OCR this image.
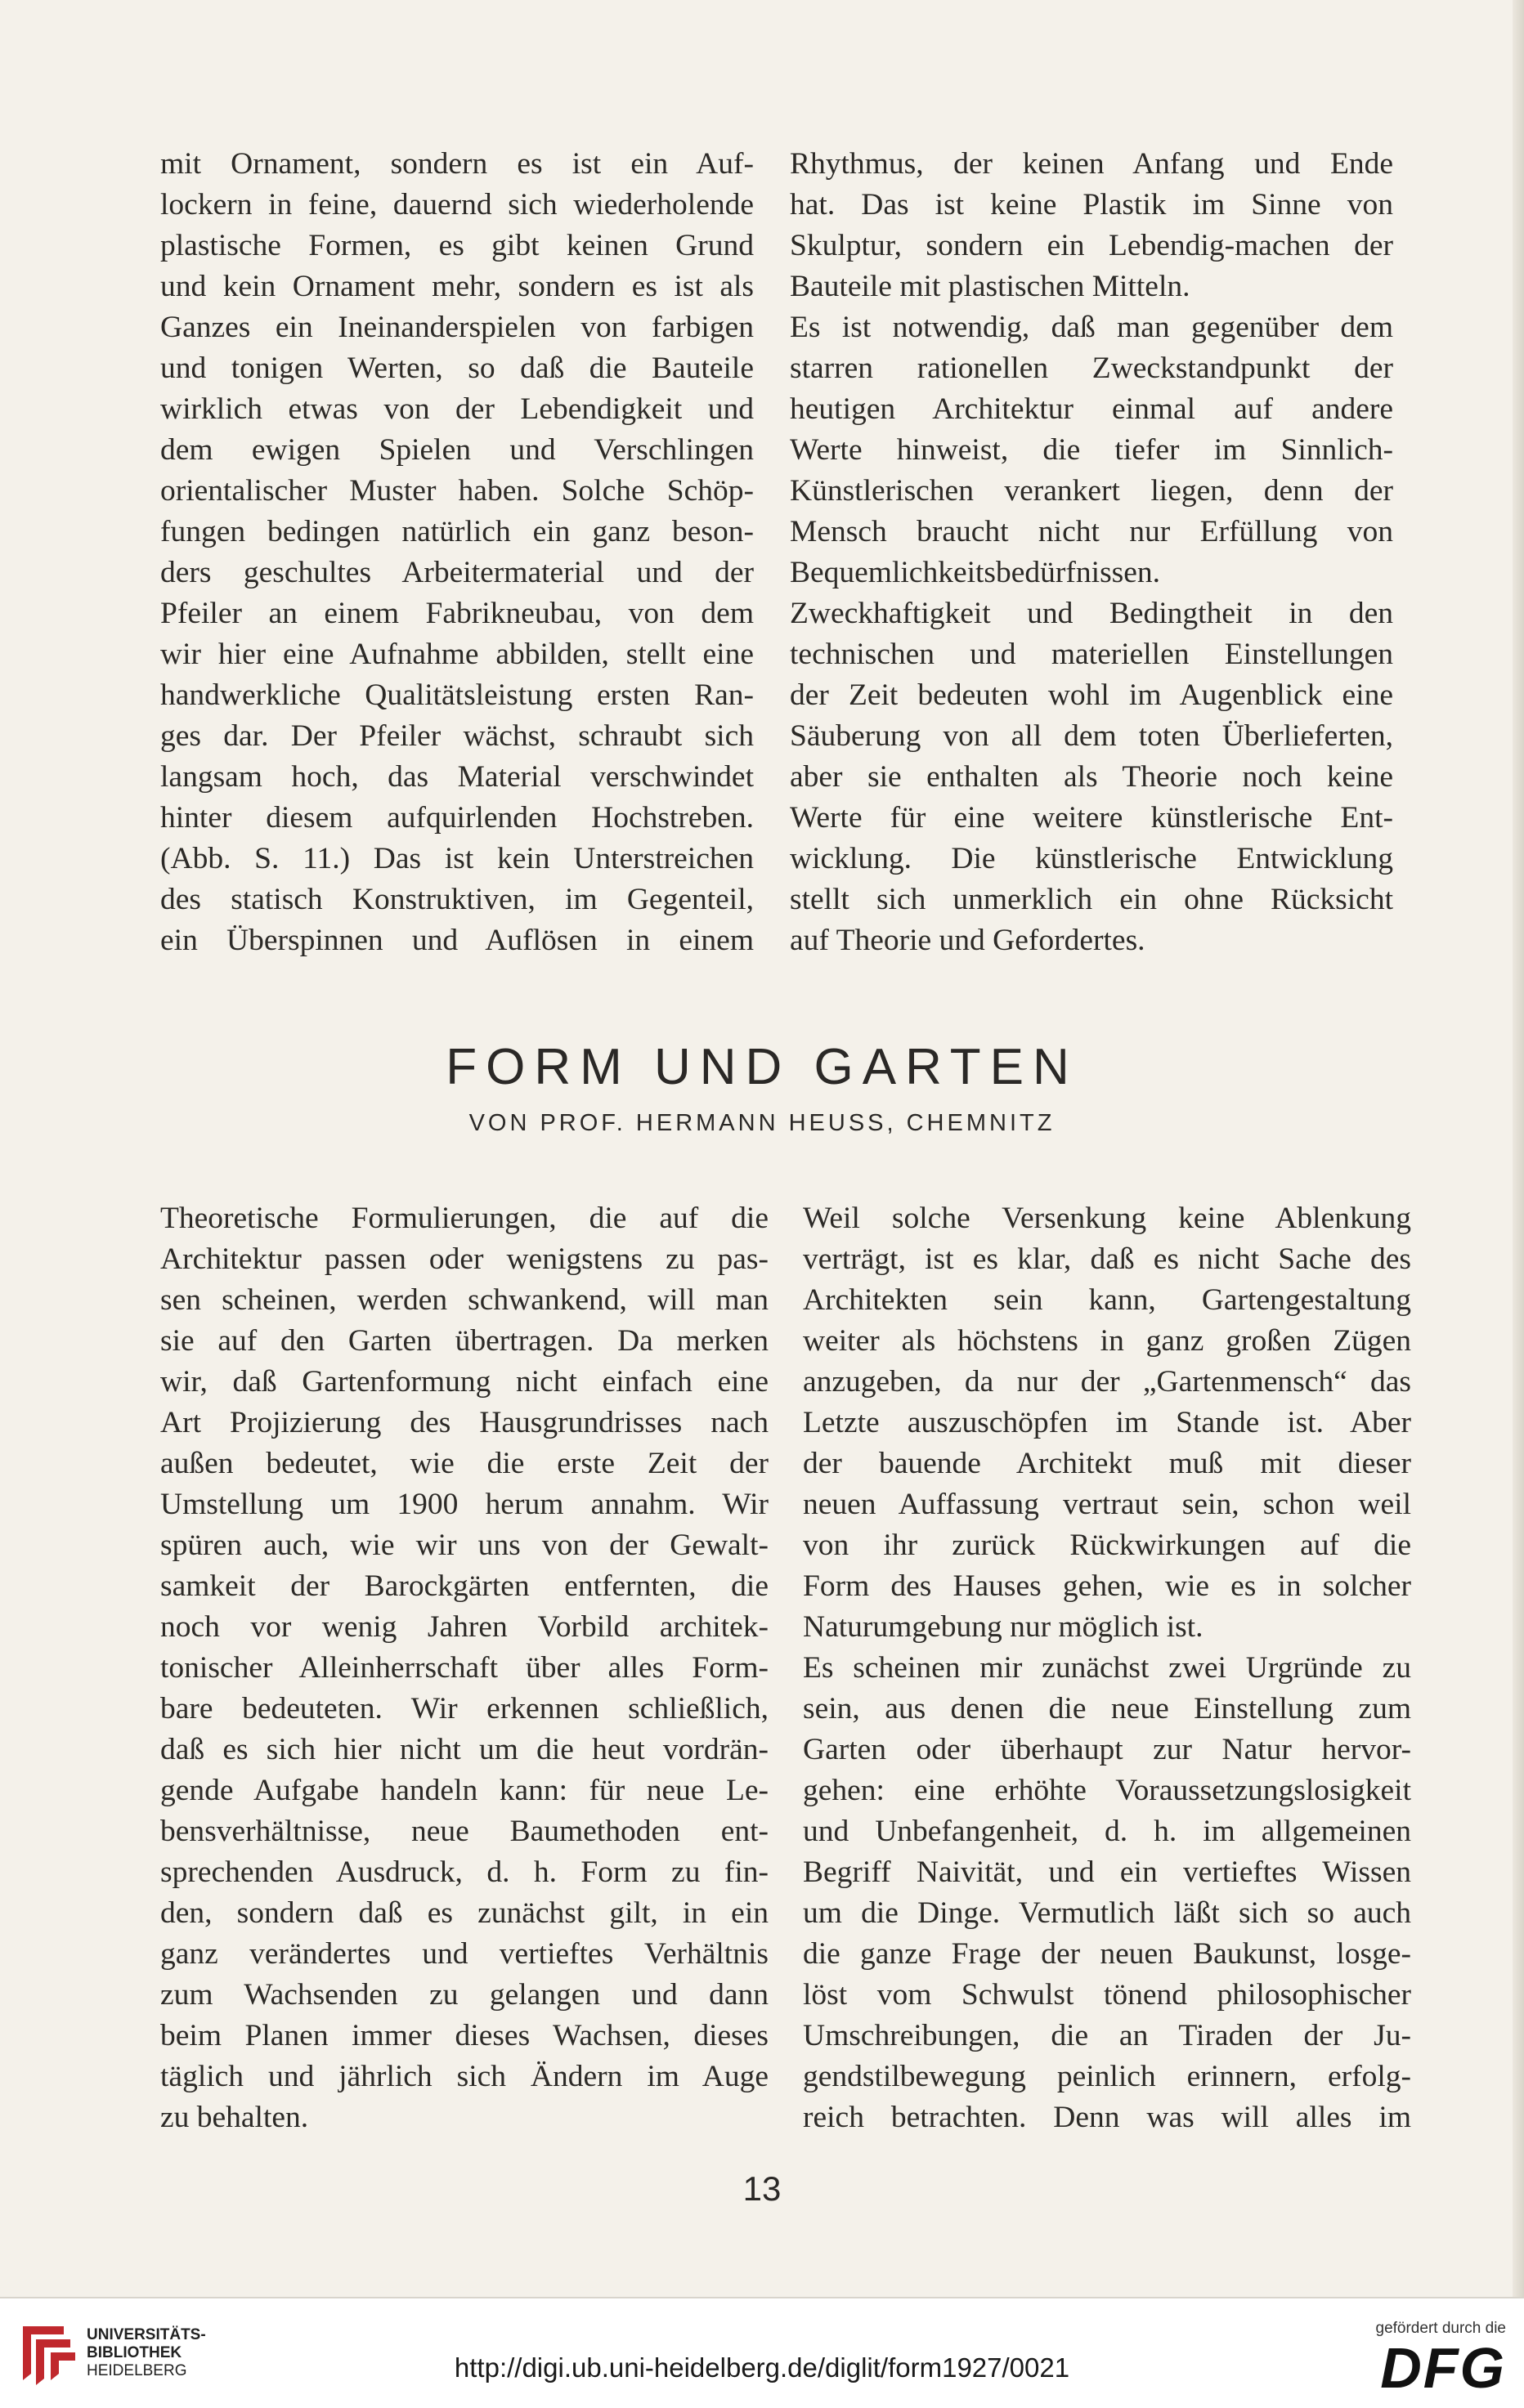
mit Ornament, sondern es ist ein Auf-
lockern in feine, dauernd sich wiederholende
plastische Formen, es gibt keinen Grund
und kein Ornament mehr, sondern es ist als
Ganzes ein Ineinanderspielen von farbigen
und tonigen Werten, so daß die Bauteile
wirklich etwas von der Lebendigkeit und
dem ewigen Spielen und Verschlingen
orientalischer Muster haben. Solche Schöp-
fungen bedingen natürlich ein ganz beson-
ders geschultes Arbeitermaterial und der
Pfeiler an einem Fabrikneubau, von dem
wir hier eine Aufnahme abbilden, stellt eine
handwerkliche Qualitätsleistung ersten Ran-
ges dar. Der Pfeiler wächst, schraubt sich
langsam hoch, das Material verschwindet
hinter diesem aufquirlenden Hochstreben.
(Abb. S. 11.) Das ist kein Unterstreichen
des statisch Konstruktiven, im Gegenteil,
ein Überspinnen und Auflösen in einem
Rhythmus, der keinen Anfang und Ende
hat. Das ist keine Plastik im Sinne von
Skulptur, sondern ein Lebendig-machen der
Bauteile mit plastischen Mitteln.
Es ist notwendig, daß man gegenüber dem
starren rationellen Zweckstandpunkt der
heutigen Architektur einmal auf andere
Werte hinweist, die tiefer im Sinnlich-
Künstlerischen verankert liegen, denn der
Mensch braucht nicht nur Erfüllung von
Bequemlichkeitsbedürfnissen.
Zweckhaftigkeit und Bedingtheit in den
technischen und materiellen Einstellungen
der Zeit bedeuten wohl im Augenblick eine
Säuberung von all dem toten Überlieferten,
aber sie enthalten als Theorie noch keine
Werte für eine weitere künstlerische Ent-
wicklung. Die künstlerische Entwicklung
stellt sich unmerklich ein ohne Rücksicht
auf Theorie und Gefordertes.
FORM UND GARTEN
VON PROF. HERMANN HEUSS, CHEMNITZ
Theoretische Formulierungen, die auf die
Architektur passen oder wenigstens zu pas-
sen scheinen, werden schwankend, will man
sie auf den Garten übertragen. Da merken
wir, daß Gartenformung nicht einfach eine
Art Projizierung des Hausgrundrisses nach
außen bedeutet, wie die erste Zeit der
Umstellung um 1900 herum annahm. Wir
spüren auch, wie wir uns von der Gewalt-
samkeit der Barockgärten entfernten, die
noch vor wenig Jahren Vorbild architek-
tonischer Alleinherrschaft über alles Form-
bare bedeuteten. Wir erkennen schließlich,
daß es sich hier nicht um die heut vordrän-
gende Aufgabe handeln kann: für neue Le-
bensverhältnisse, neue Baumethoden ent-
sprechenden Ausdruck, d. h. Form zu fin-
den, sondern daß es zunächst gilt, in ein
ganz verändertes und vertieftes Verhältnis
zum Wachsenden zu gelangen und dann
beim Planen immer dieses Wachsen, dieses
täglich und jährlich sich Ändern im Auge
zu behalten.
Weil solche Versenkung keine Ablenkung
verträgt, ist es klar, daß es nicht Sache des
Architekten sein kann, Gartengestaltung
weiter als höchstens in ganz großen Zügen
anzugeben, da nur der „Gartenmensch“ das
Letzte auszuschöpfen im Stande ist. Aber
der bauende Architekt muß mit dieser
neuen Auffassung vertraut sein, schon weil
von ihr zurück Rückwirkungen auf die
Form des Hauses gehen, wie es in solcher
Naturumgebung nur möglich ist.
Es scheinen mir zunächst zwei Urgründe zu
sein, aus denen die neue Einstellung zum
Garten oder überhaupt zur Natur hervor-
gehen: eine erhöhte Voraussetzungslosigkeit
und Unbefangenheit, d. h. im allgemeinen
Begriff Naivität, und ein vertieftes Wissen
um die Dinge. Vermutlich läßt sich so auch
die ganze Frage der neuen Baukunst, losge-
löst vom Schwulst tönend philosophischer
Umschreibungen, die an Tiraden der Ju-
gendstilbewegung peinlich erinnern, erfolg-
reich betrachten. Denn was will alles im
13
UNIVERSITÄTS-
BIBLIOTHEK
HEIDELBERG	http://digi.ub.uni-heidelberg.de/diglit/form1927/0021
gefördert durch die
DFG
